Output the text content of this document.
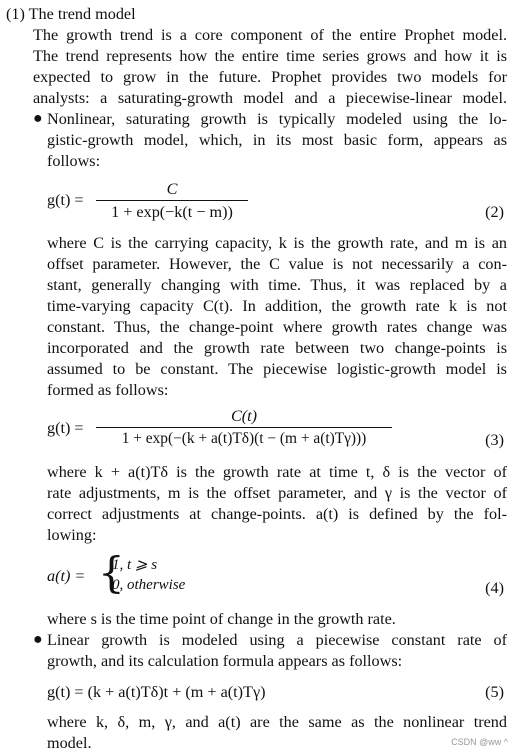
(1) The trend model
The growth trend is a core component of the entire Prophet model.
The trend represents how the entire time series grows and how it is
expected to grow in the future. Prophet provides two models for
analysts: a saturating-growth model and a piecewise-linear model.
● Nonlinear, saturating growth is typically modeled using the lo-
gistic-growth model, which, in its most basic form, appears as
follows:
g(t) =
C
1 + exp(−k(t − m))	(2)
where C is the carrying capacity, k is the growth rate, and m is an
offset parameter. However, the C value is not necessarily a con-
stant, generally changing with time. Thus, it was replaced by a
time-varying capacity C(t). In addition, the growth rate k is not
constant. Thus, the change-point where growth rates change was
incorporated and the growth rate between two change-points is
assumed to be constant. The piecewise logistic-growth model is
formed as follows:
g(t) =
C(t)
1 + exp(−(k + a(t)Tδ)(t − (m + a(t)Tγ)))	(3)
where k + a(t)Tδ is the growth rate at time t, δ is the vector of
rate adjustments, m is the offset parameter, and γ is the vector of
correct adjustments at change-points. a(t) is defined by the fol-
lowing:
a(t) = {
1, t ⩾ s
0, otherwise	(4)
where s is the time point of change in the growth rate.
● Linear growth is modeled using a piecewise constant rate of
growth, and its calculation formula appears as follows:
g(t) = (k + a(t)Tδ)t + (m + a(t)Tγ)	(5)
where k, δ, m, γ, and a(t) are the same as the nonlinear trend
model.	CSDN @ww ^
